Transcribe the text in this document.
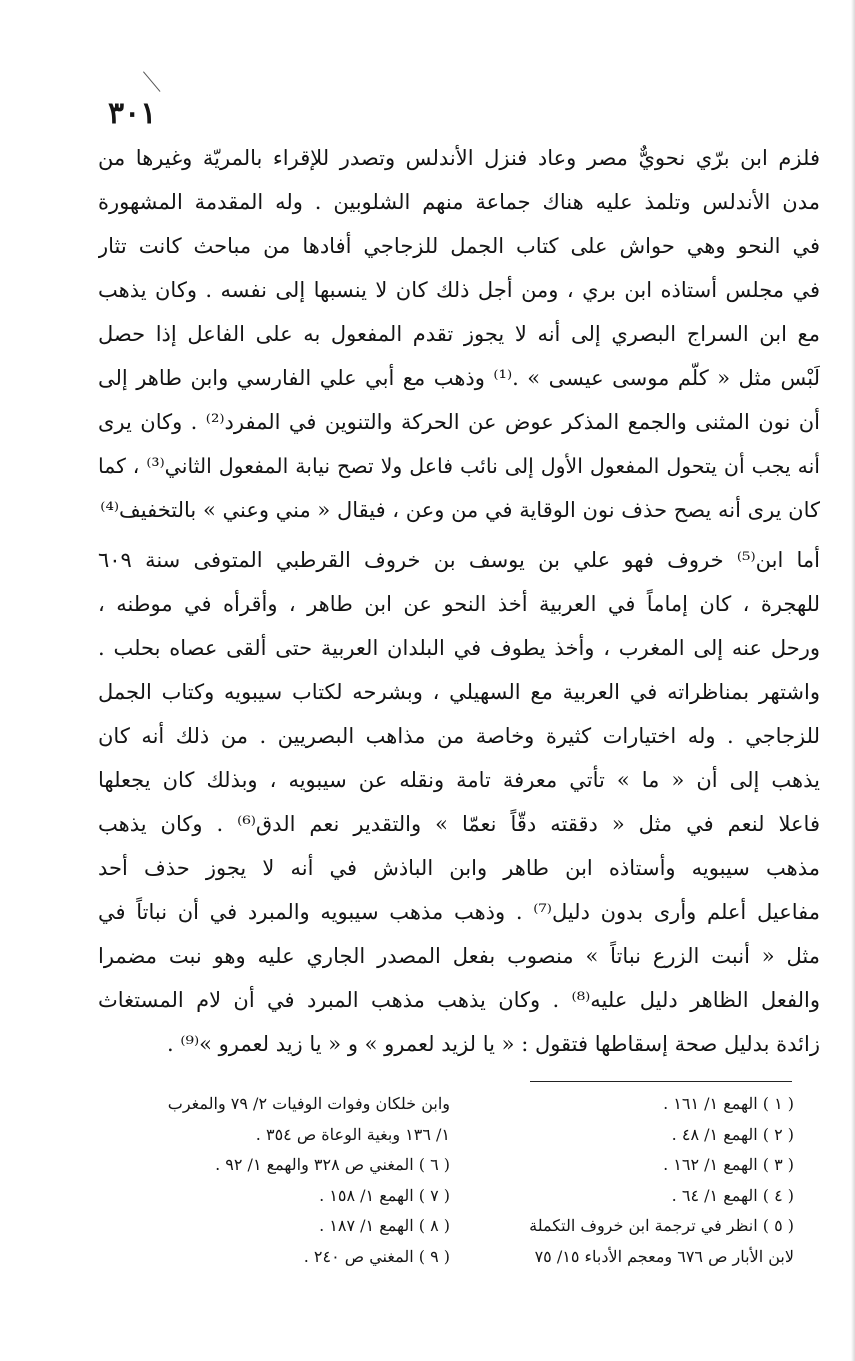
٣٠١
فلزم ابن برّي نحويٌّ مصر وعاد فنزل الأندلس وتصدر للإقراء بالمريّة وغيرها من
مدن الأندلس وتلمذ عليه هناك جماعة منهم الشلوبين . وله المقدمة المشهورة
في النحو وهي حواش على كتاب الجمل للزجاجي أفادها من مباحث كانت تثار
في مجلس أستاذه ابن بري ، ومن أجل ذلك كان لا ينسبها إلى نفسه . وكان يذهب
مع ابن السراج البصري إلى أنه لا يجوز تقدم المفعول به على الفاعل إذا حصل
لَبْس مثل « كلّم موسى عيسى » .⁽¹⁾ وذهب مع أبي علي الفارسي وابن طاهر إلى
أن نون المثنى والجمع المذكر عوض عن الحركة والتنوين في المفرد⁽²⁾ . وكان يرى
أنه يجب أن يتحول المفعول الأول إلى نائب فاعل ولا تصح نيابة المفعول الثاني⁽³⁾ ، كما
كان يرى أنه يصح حذف نون الوقاية في من وعن ، فيقال « مني وعني » بالتخفيف⁽⁴⁾
أما ابن⁽⁵⁾ خروف فهو علي بن يوسف بن خروف القرطبي المتوفى سنة ٦٠٩
للهجرة ، كان إماماً في العربية أخذ النحو عن ابن طاهر ، وأقرأه في موطنه ،
ورحل عنه إلى المغرب ، وأخذ يطوف في البلدان العربية حتى ألقى عصاه بحلب .
واشتهر بمناظراته في العربية مع السهيلي ، وبشرحه لكتاب سيبويه وكتاب الجمل
للزجاجي . وله اختيارات كثيرة وخاصة من مذاهب البصريين . من ذلك أنه كان
يذهب إلى أن « ما » تأتي معرفة تامة ونقله عن سيبويه ، وبذلك كان يجعلها
فاعلا لنعم في مثل « دققته دقّاً نعمّا » والتقدير نعم الدق⁽⁶⁾ . وكان يذهب
مذهب سيبويه وأستاذه ابن طاهر وابن الباذش في أنه لا يجوز حذف أحد
مفاعيل أعلم وأرى بدون دليل⁽⁷⁾ . وذهب مذهب سيبويه والمبرد في أن نباتاً في
مثل « أنبت الزرع نباتاً » منصوب بفعل المصدر الجاري عليه وهو نبت مضمرا
والفعل الظاهر دليل عليه⁽⁸⁾ . وكان يذهب مذهب المبرد في أن لام المستغاث
زائدة بدليل صحة إسقاطها فتقول : « يا لزيد لعمرو » و « يا زيد لعمرو »⁽⁹⁾ .
( ١ ) الهمع ١/ ١٦١ .
( ٢ ) الهمع ١/ ٤٨ .
( ٣ ) الهمع ١/ ١٦٢ .
( ٤ ) الهمع ١/ ٦٤ .
( ٥ ) انظر في ترجمة ابن خروف التكملة
لابن الأبار ص ٦٧٦ ومعجم الأدباء ١٥/ ٧٥
وابن خلكان وفوات الوفيات ٢/ ٧٩ والمغرب
١/ ١٣٦ وبغية الوعاة ص ٣٥٤ .
( ٦ ) المغني ص ٣٢٨ والهمع ١/ ٩٢ .
( ٧ ) الهمع ١/ ١٥٨ .
( ٨ ) الهمع ١/ ١٨٧ .
( ٩ ) المغني ص ٢٤٠ .
